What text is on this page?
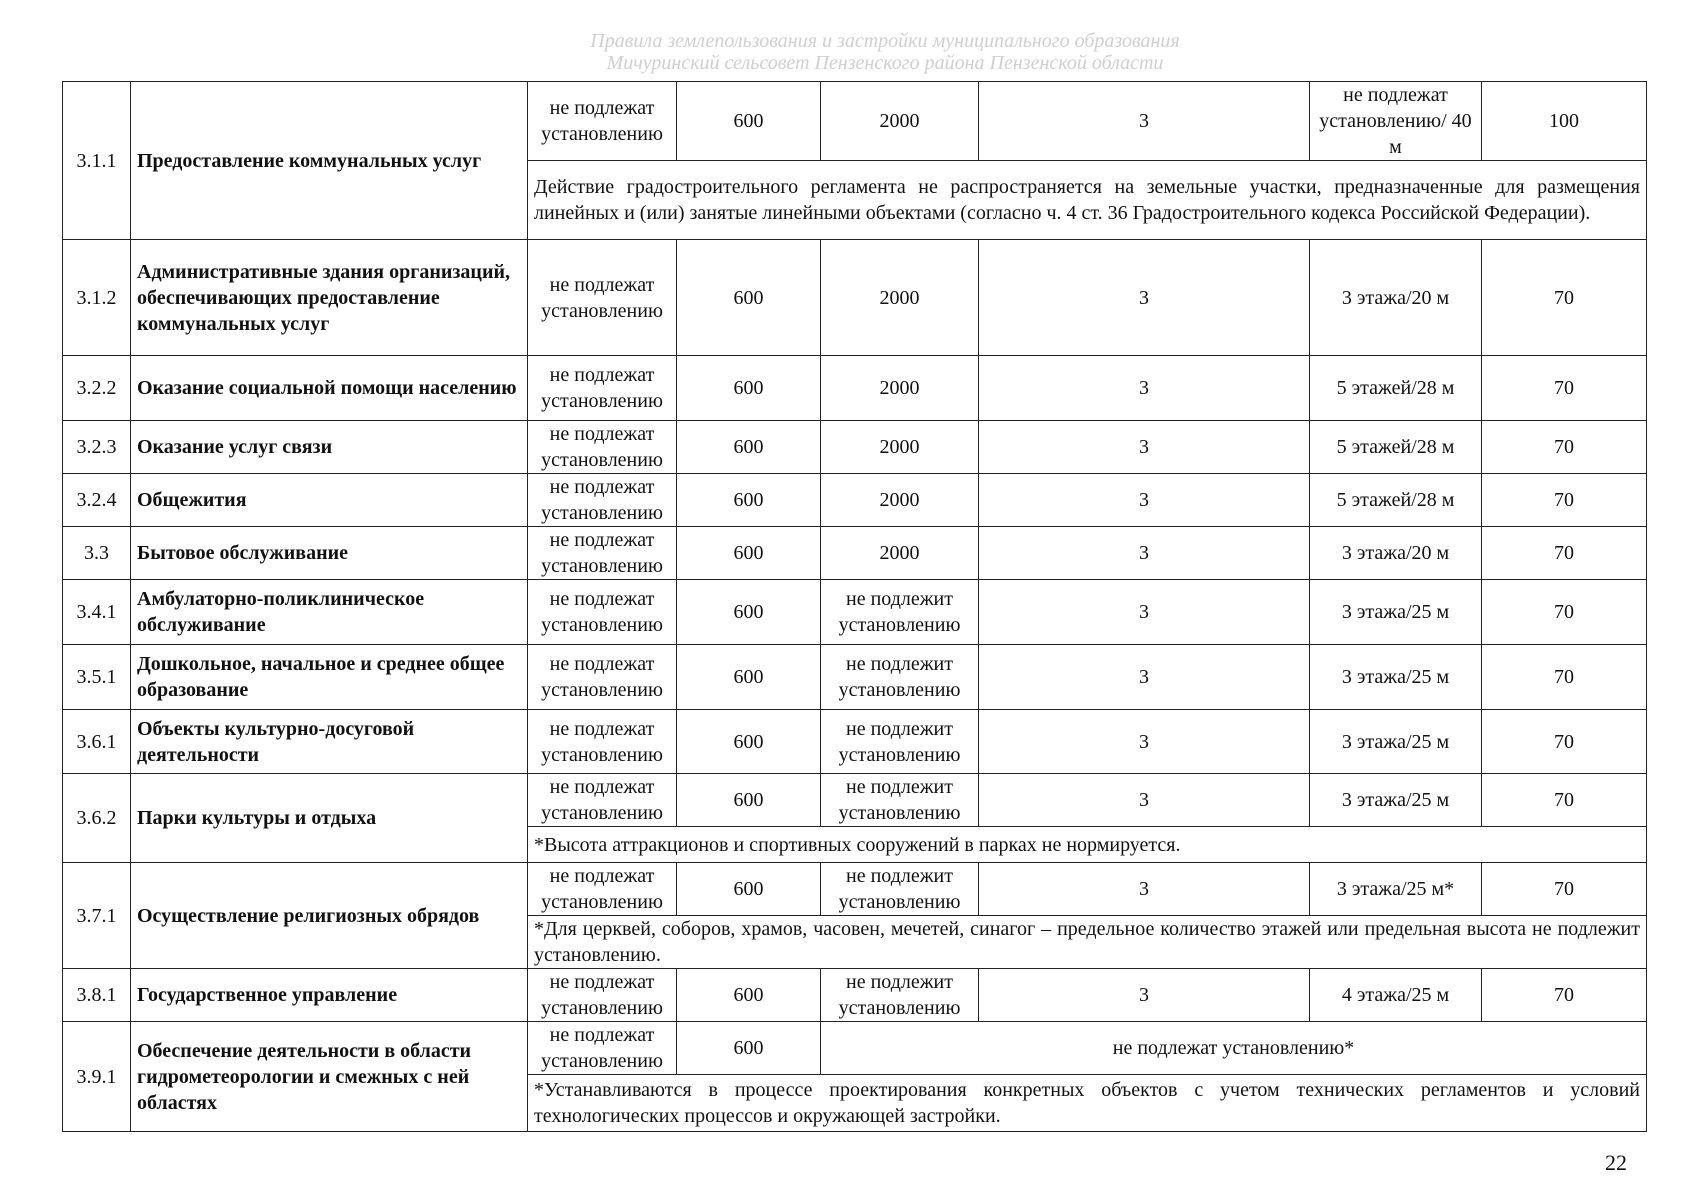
Правила землепользования и застройки муниципального образования
Мичуринский сельсовет Пензенского района Пензенской области
3.1.1	Предоставление коммунальных услуг	не подлежат установлению	600	2000	3	не подлежат установлению/ 40 м	100
		Действие градостроительного регламента не распространяется на земельные участки, предназначенные для размещения линейных и (или) занятые линейными объектами (согласно ч. 4 ст. 36 Градостроительного кодекса Российской Федерации).					
3.1.2	Административные здания организаций, обеспечивающих предоставление коммунальных услуг	не подлежат установлению	600	2000	3	3 этажа/20 м	70
3.2.2	Оказание социальной помощи населению	не подлежат установлению	600	2000	3	5 этажей/28 м	70
3.2.3	Оказание услуг связи	не подлежат установлению	600	2000	3	5 этажей/28 м	70
3.2.4	Общежития	не подлежат установлению	600	2000	3	5 этажей/28 м	70
3.3	Бытовое обслуживание	не подлежат установлению	600	2000	3	3 этажа/20 м	70
3.4.1	Амбулаторно-поликлиническое обслуживание	не подлежат установлению	600	не подлежит установлению	3	3 этажа/25 м	70
3.5.1	Дошкольное, начальное и среднее общее образование	не подлежат установлению	600	не подлежит установлению	3	3 этажа/25 м	70
3.6.1	Объекты культурно-досуговой деятельности	не подлежат установлению	600	не подлежит установлению	3	3 этажа/25 м	70
3.6.2	Парки культуры и отдыха	не подлежат установлению	600	не подлежит установлению	3	3 этажа/25 м	70
		*Высота аттракционов и спортивных сооружений в парках не нормируется.					
3.7.1	Осуществление религиозных обрядов	не подлежат установлению	600	не подлежит установлению	3	3 этажа/25 м*	70
		*Для церквей, соборов, храмов, часовен, мечетей, синагог – предельное количество этажей или предельная высота не подлежит установлению.					
3.8.1	Государственное управление	не подлежат установлению	600	не подлежит установлению	3	4 этажа/25 м	70
3.9.1	Обеспечение деятельности в области гидрометеорологии и смежных с ней областях	не подлежат установлению	600	не подлежат установлению*			
		*Устанавливаются в процессе проектирования конкретных объектов с учетом технических регламентов и условий технологических процессов и окружающей застройки.					
22
